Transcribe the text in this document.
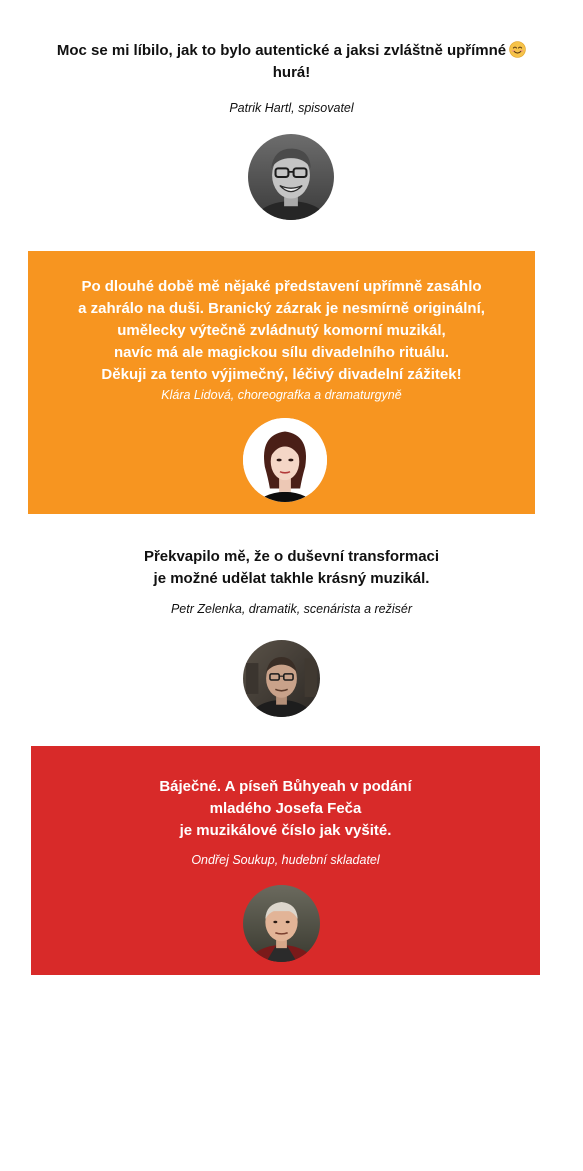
Moc se mi líbilo, jak to bylo autentické a jaksi zvláštně upřímné

hurá!

Patrik Hartl, spisovatel

Po dlouhé době mě nějaké představení upřímně zasáhlo
a zahrálo na duši. Branický zázrak je nesmírně originální,
umělecky výtečně zvládnutý komorní muzikál,
navíc má ale magickou sílu divadelního rituálu.
Děkuji za tento výjimečný, léčivý divadelní zážitek!

Klára Lidová, choreografka a dramaturgyně

Překvapilo mě, že o duševní transformaci
je možné udělat takhle krásný muzikál.

Petr Zelenka, dramatik, scenárista a režisér

Báječné. A píseň Bůhyeah v podání
mladého Josefa Feča
je muzikálové číslo jak vyšité.

Ondřej Soukup, hudební skladatel
